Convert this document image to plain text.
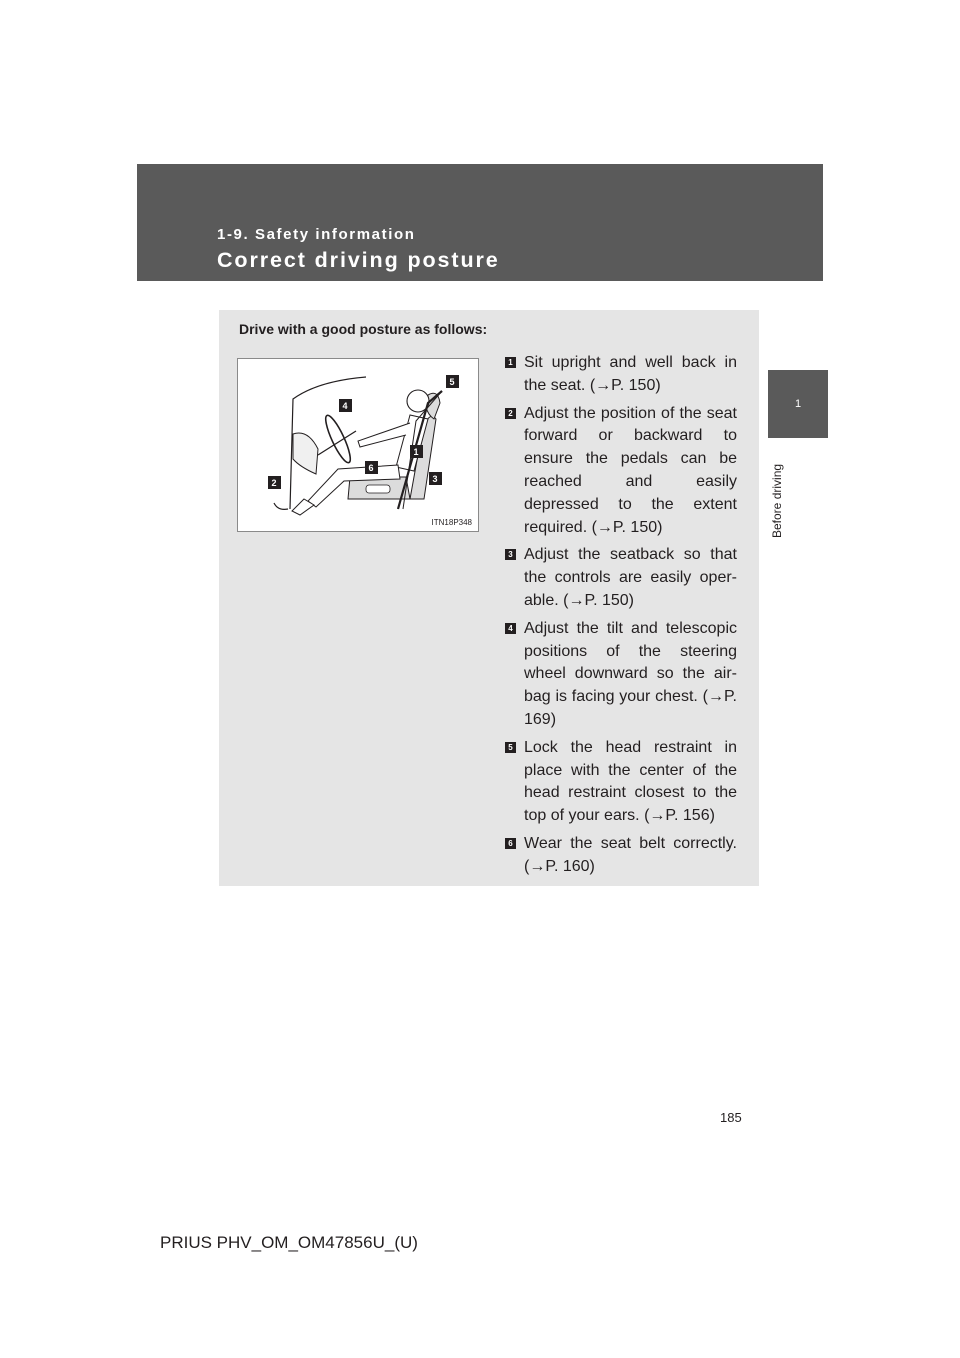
1-9. Safety information
Correct driving posture
1
Before driving
Drive with a good posture as follows:
5
4
1
6
3
2
ITN18P348
1 Sit upright and well back in the seat. (→P. 150)
2 Adjust the position of the seat forward or backward to ensure the pedals can be reached and easily depressed to the extent required. (→P. 150)
3 Adjust the seatback so that the controls are easily oper-able. (→P. 150)
4 Adjust the tilt and telescopic positions of the steering wheel downward so the air-bag is facing your chest. (→P. 169)
5 Lock the head restraint in place with the center of the head restraint closest to the top of your ears. (→P. 156)
6 Wear the seat belt correctly. (→P. 160)
185
PRIUS PHV_OM_OM47856U_(U)
